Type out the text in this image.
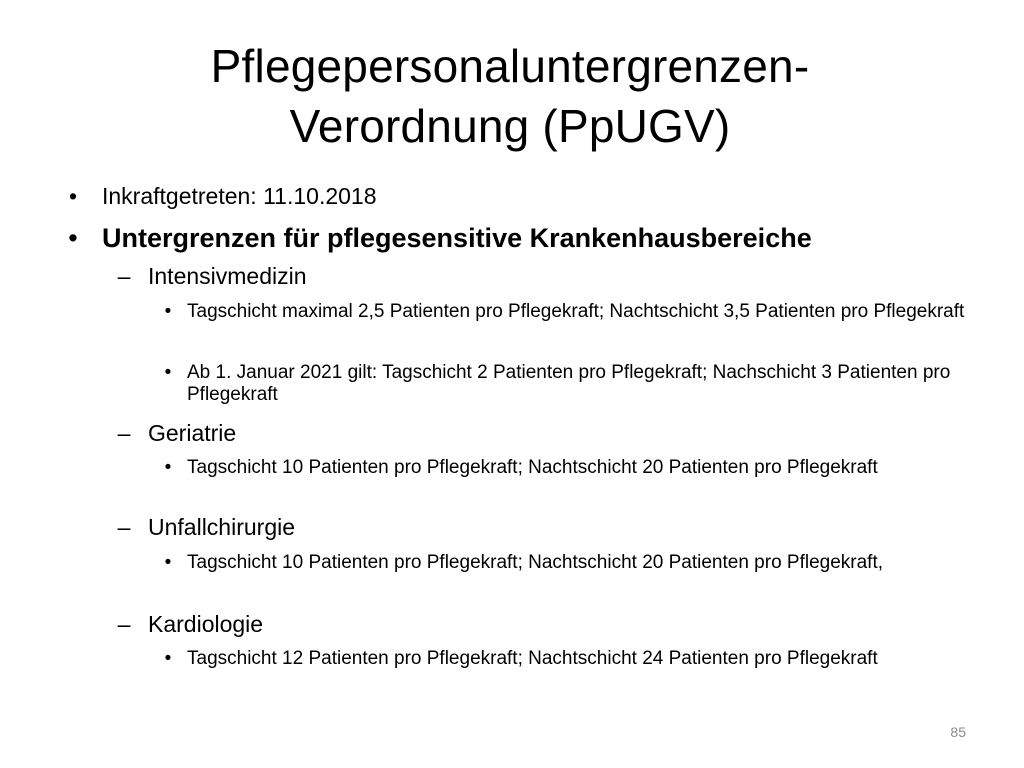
Pflegepersonaluntergrenzen-
Verordnung (PpUGV)
•	Inkraftgetreten: 11.10.2018
• Untergrenzen für pflegesensitive Krankenhausbereiche
– Intensivmedizin
• Tagschicht maximal 2,5 Patienten pro Pflegekraft; Nachtschicht 3,5 Patienten pro Pflegekraft
• Ab 1. Januar 2021 gilt: Tagschicht 2 Patienten pro Pflegekraft; Nachschicht 3 Patienten pro Pflegekraft
– Geriatrie
• Tagschicht 10 Patienten pro Pflegekraft; Nachtschicht 20 Patienten pro Pflegekraft
– Unfallchirurgie
• Tagschicht 10 Patienten pro Pflegekraft; Nachtschicht 20 Patienten pro Pflegekraft,
– Kardiologie
• Tagschicht 12 Patienten pro Pflegekraft; Nachtschicht 24 Patienten pro Pflegekraft
85
